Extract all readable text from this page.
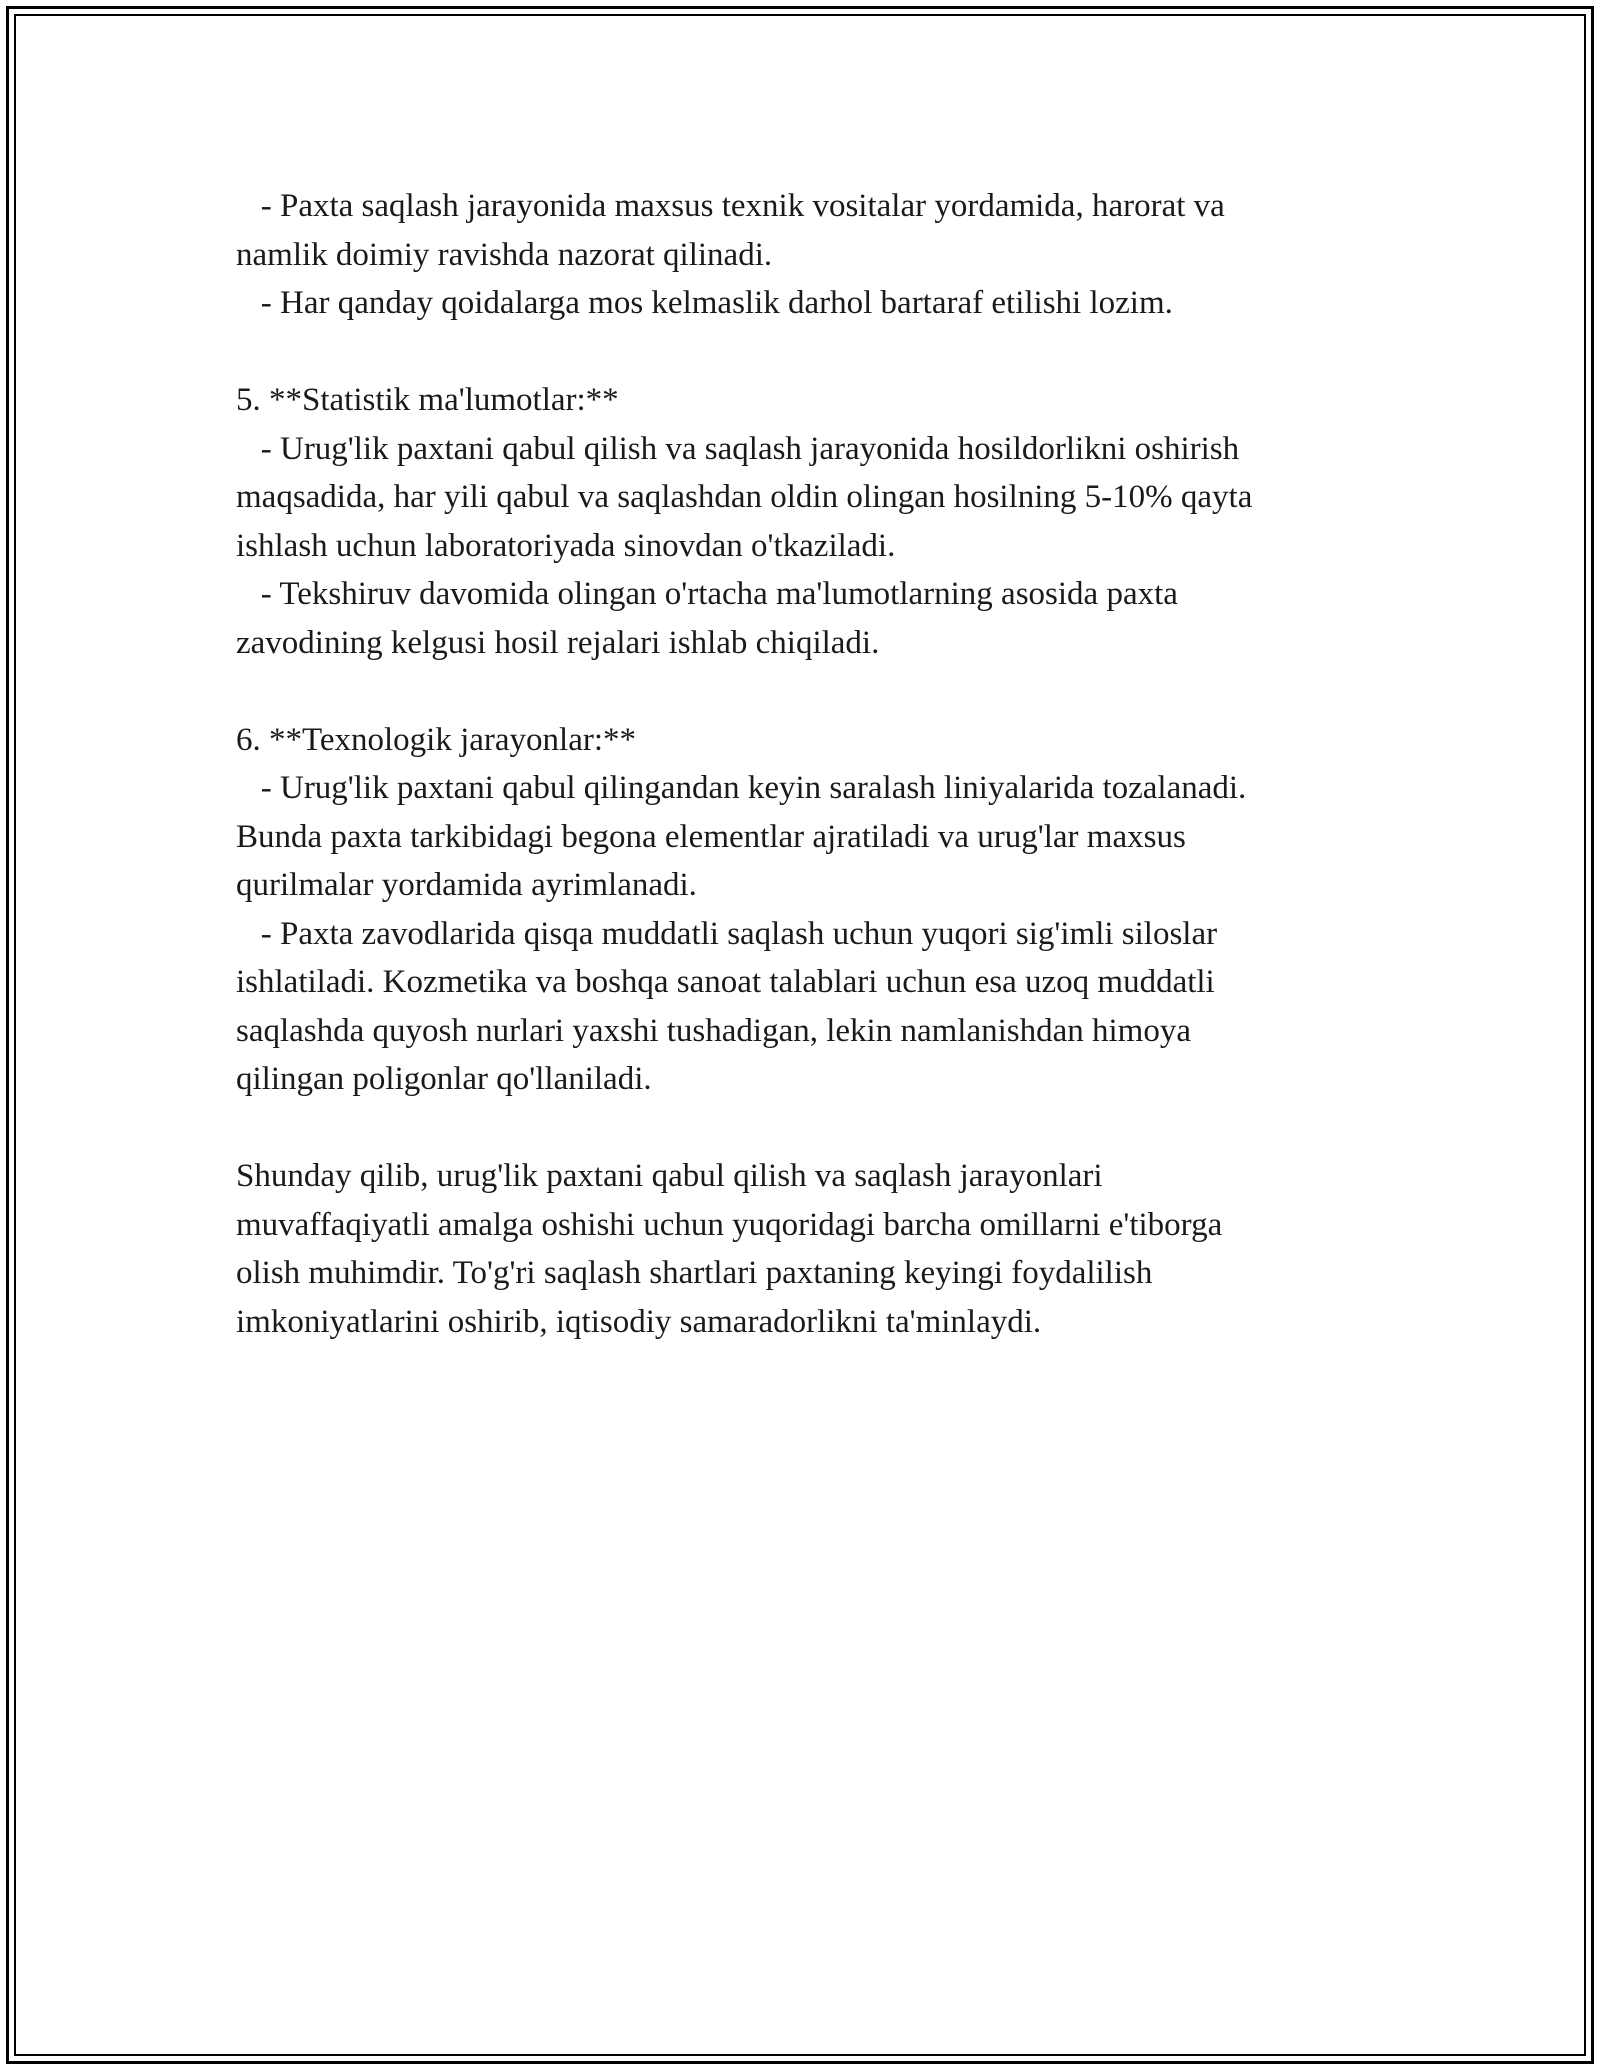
- Paxta saqlash jarayonida maxsus texnik vositalar yordamida, harorat va

namlik doimiy ravishda nazorat qilinadi.

- Har qanday qoidalarga mos kelmaslik darhol bartaraf etilishi lozim.

5. **Statistik ma'lumotlar:**

- Urug'lik paxtani qabul qilish va saqlash jarayonida hosildorlikni oshirish

maqsadida, har yili qabul va saqlashdan oldin olingan hosilning 5-10% qayta

ishlash uchun laboratoriyada sinovdan o'tkaziladi.

- Tekshiruv davomida olingan o'rtacha ma'lumotlarning asosida paxta

zavodining kelgusi hosil rejalari ishlab chiqiladi.

6. **Texnologik jarayonlar:**

- Urug'lik paxtani qabul qilingandan keyin saralash liniyalarida tozalanadi.

Bunda paxta tarkibidagi begona elementlar ajratiladi va urug'lar maxsus

qurilmalar yordamida ayrimlanadi.

- Paxta zavodlarida qisqa muddatli saqlash uchun yuqori sig'imli siloslar

ishlatiladi. Kozmetika va boshqa sanoat talablari uchun esa uzoq muddatli

saqlashda quyosh nurlari yaxshi tushadigan, lekin namlanishdan himoya

qilingan poligonlar qo'llaniladi.

Shunday qilib, urug'lik paxtani qabul qilish va saqlash jarayonlari

muvaffaqiyatli amalga oshishi uchun yuqoridagi barcha omillarni e'tiborga

olish muhimdir. To'g'ri saqlash shartlari paxtaning keyingi foydalilish

imkoniyatlarini oshirib, iqtisodiy samaradorlikni ta'minlaydi.
